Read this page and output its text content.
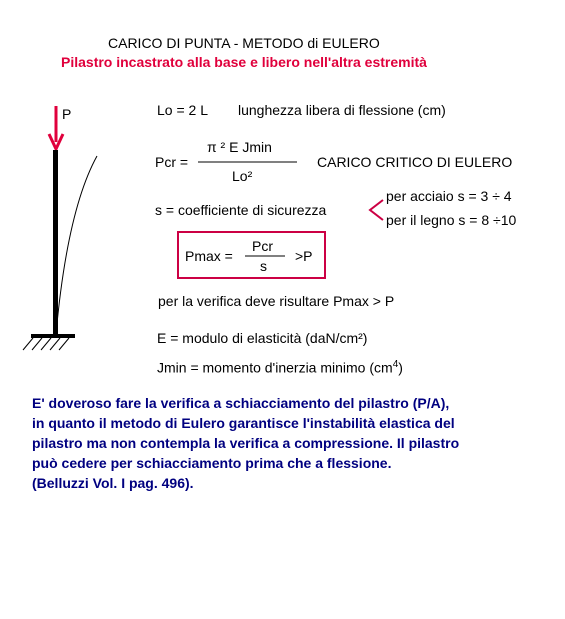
CARICO DI PUNTA - METODO di EULERO
Pilastro incastrato alla base e libero nell'altra estremità
P	Lo = 2 L lunghezza libera di flessione (cm)
Pcr =
π ² E Jmin
Lo²
CARICO CRITICO DI EULERO
s = coefficiente di sicurezza
per acciaio s = 3 ÷ 4
per il legno s = 8 ÷10
Pmax =
Pcr
s
>P
per la verifica deve risultare Pmax > P
E = modulo di elasticità (daN/cm²)
Jmin = momento d'inerzia minimo $(cm^4)$
E' doveroso fare la verifica a schiacciamento del pilastro (P/A),
in quanto il metodo di Eulero garantisce l'instabilità elastica del
pilastro ma non contempla la verifica a compressione. Il pilastro
può cedere per schiacciamento prima che a flessione.
(Belluzzi Vol. I pag. 496).
